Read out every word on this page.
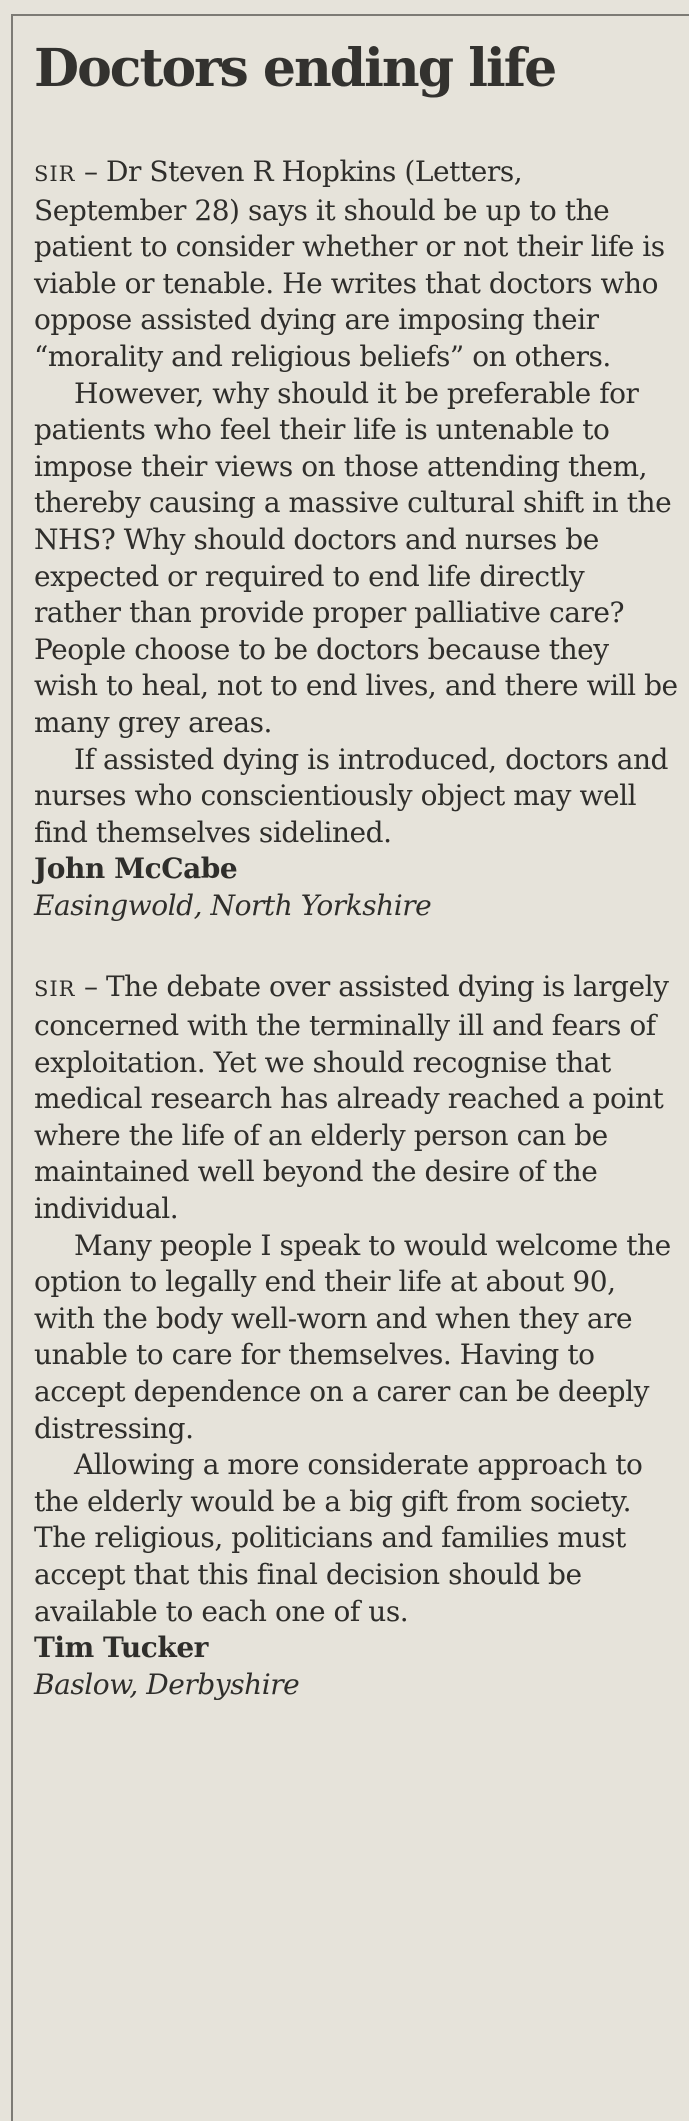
Doctors ending life

SIR – Dr Steven R Hopkins (Letters, September 28) says it should be up to the patient to consider whether or not their life is viable or tenable. He writes that doctors who oppose assisted dying are imposing their “morality and religious beliefs” on others.

However, why should it be preferable for patients who feel their life is untenable to impose their views on those attending them, thereby causing a massive cultural shift in the NHS? Why should doctors and nurses be expected or required to end life directly rather than provide proper palliative care? People choose to be doctors because they wish to heal, not to end lives, and there will be many grey areas.

If assisted dying is introduced, doctors and nurses who conscientiously object may well find themselves sidelined.

John McCabe

Easingwold, North Yorkshire

SIR – The debate over assisted dying is largely concerned with the terminally ill and fears of exploitation. Yet we should recognise that medical research has already reached a point where the life of an elderly person can be maintained well beyond the desire of the individual.

Many people I speak to would welcome the option to legally end their life at about 90, with the body well-worn and when they are unable to care for themselves. Having to accept dependence on a carer can be deeply distressing.

Allowing a more considerate approach to the elderly would be a big gift from society. The religious, politicians and families must accept that this final decision should be available to each one of us.

Tim Tucker

Baslow, Derbyshire
